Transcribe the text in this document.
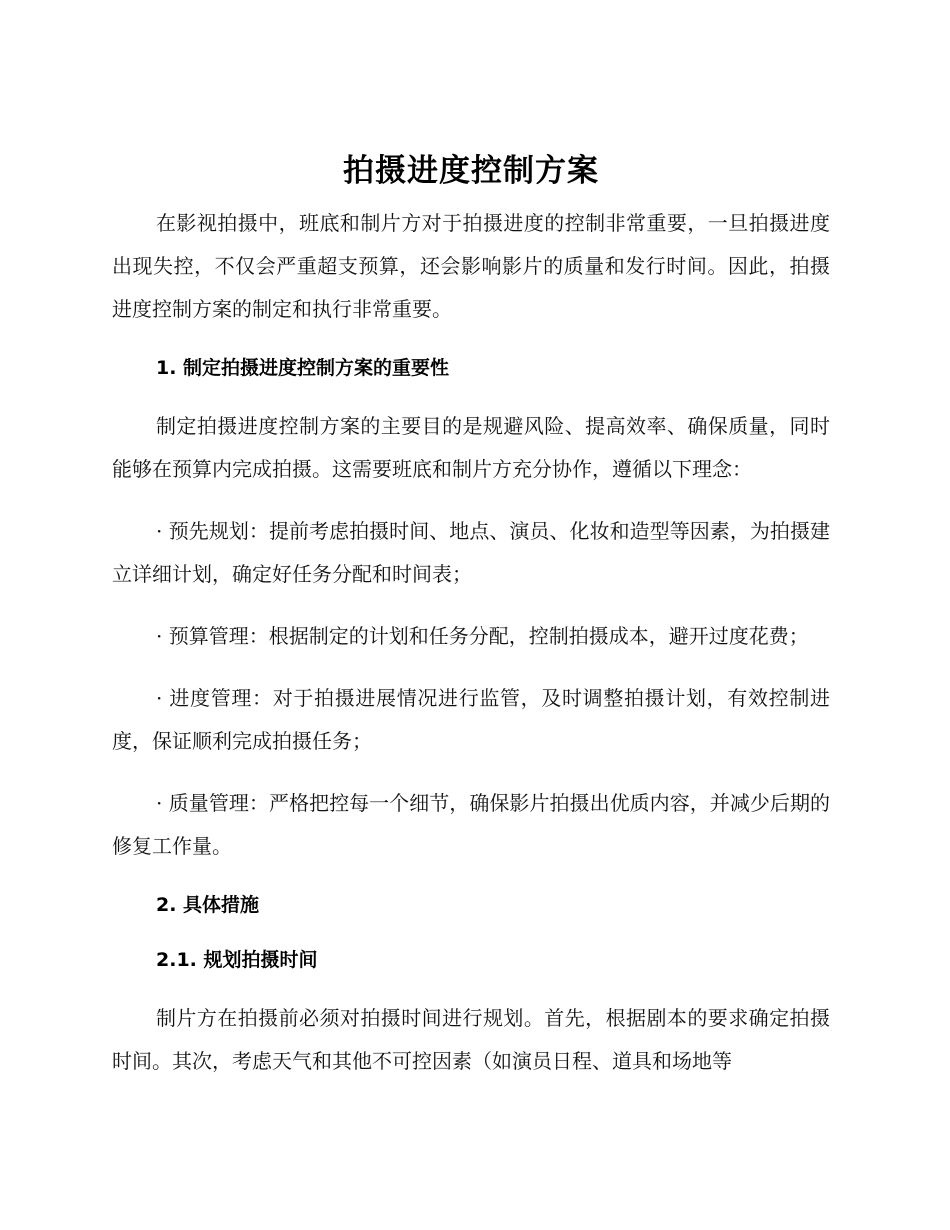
拍摄进度控制方案

在影视拍摄中，班底和制片方对于拍摄进度的控制非常重要，一旦拍摄进度出现失控，不仅会严重超支预算，还会影响影片的质量和发行时间。因此，拍摄进度控制方案的制定和执行非常重要。

1. 制定拍摄进度控制方案的重要性

制定拍摄进度控制方案的主要目的是规避风险、提高效率、确保质量，同时能够在预算内完成拍摄。这需要班底和制片方充分协作，遵循以下理念：

· 预先规划：提前考虑拍摄时间、地点、演员、化妆和造型等因素，为拍摄建立详细计划，确定好任务分配和时间表；

· 预算管理：根据制定的计划和任务分配，控制拍摄成本，避开过度花费；

· 进度管理：对于拍摄进展情况进行监管，及时调整拍摄计划，有效控制进度，保证顺利完成拍摄任务；

· 质量管理：严格把控每一个细节，确保影片拍摄出优质内容，并减少后期的修复工作量。

2. 具体措施
2.1. 规划拍摄时间

制片方在拍摄前必须对拍摄时间进行规划。首先，根据剧本的要求确定拍摄时间。其次，考虑天气和其他不可控因素（如演员日程、道具和场地等
